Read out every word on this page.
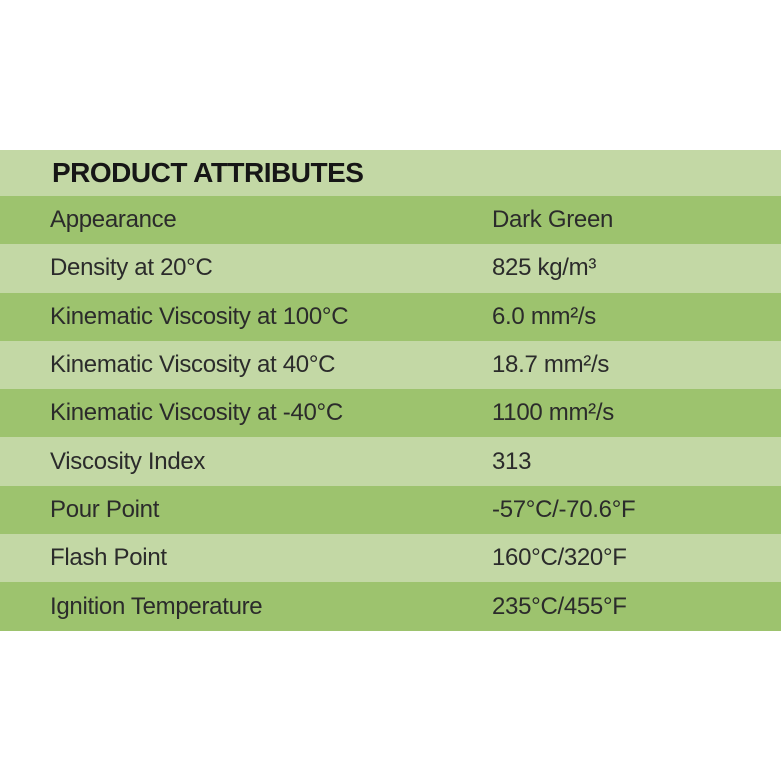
PRODUCT ATTRIBUTES
Appearance	Dark Green
Density at 20°C	825 kg/m³
Kinematic Viscosity at 100°C	6.0 mm²/s
Kinematic Viscosity at 40°C	18.7 mm²/s
Kinematic Viscosity at -40°C	1100 mm²/s
Viscosity Index	313
Pour Point	-57°C/-70.6°F
Flash Point	160°C/320°F
Ignition Temperature	235°C/455°F
